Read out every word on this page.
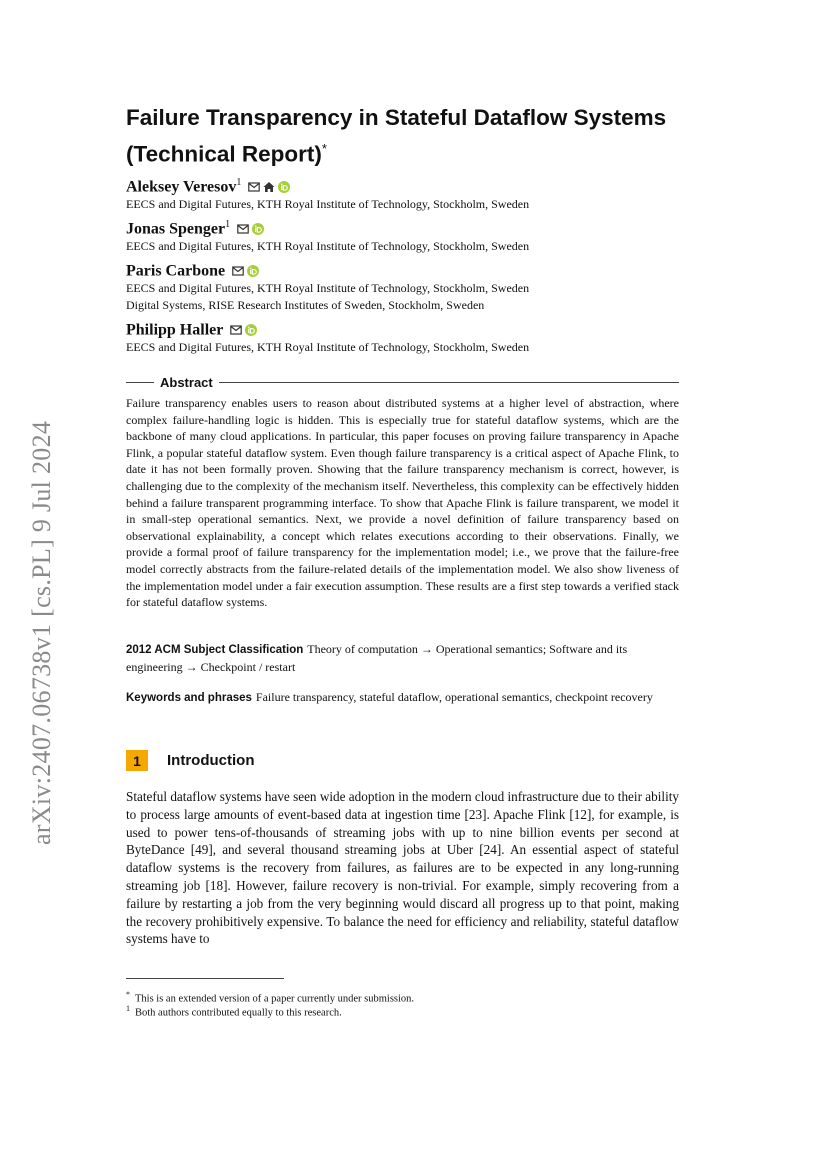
arXiv:2407.06738v1 [cs.PL] 9 Jul 2024
Failure Transparency in Stateful Dataflow Systems
(Technical Report)*
Aleksey Veresov$^1$
EECS and Digital Futures, KTH Royal Institute of Technology, Stockholm, Sweden
Jonas Spenger$^1$
EECS and Digital Futures, KTH Royal Institute of Technology, Stockholm, Sweden
Paris Carbone
EECS and Digital Futures, KTH Royal Institute of Technology, Stockholm, Sweden
Digital Systems, RISE Research Institutes of Sweden, Stockholm, Sweden
Philipp Haller
EECS and Digital Futures, KTH Royal Institute of Technology, Stockholm, Sweden
Abstract

Failure transparency enables users to reason about distributed systems at a higher level of abstraction, where complex failure-handling logic is hidden. This is especially true for stateful dataflow systems, which are the backbone of many cloud applications. In particular, this paper focuses on proving failure transparency in Apache Flink, a popular stateful dataflow system. Even though failure transparency is a critical aspect of Apache Flink, to date it has not been formally proven. Showing that the failure transparency mechanism is correct, however, is challenging due to the complexity of the mechanism itself. Nevertheless, this complexity can be effectively hidden behind a failure transparent programming interface. To show that Apache Flink is failure transparent, we model it in small-step operational semantics. Next, we provide a novel definition of failure transparency based on observational explainability, a concept which relates executions according to their observations. Finally, we provide a formal proof of failure transparency for the implementation model; i.e., we prove that the failure-free model correctly abstracts from the failure-related details of the implementation model. We also show liveness of the implementation model under a fair execution assumption. These results are a first step towards a verified stack for stateful dataflow systems.

2012 ACM Subject Classification Theory of computation → Operational semantics; Software and its engineering → Checkpoint / restart

Keywords and phrases Failure transparency, stateful dataflow, operational semantics, checkpoint recovery

1	Introduction

Stateful dataflow systems have seen wide adoption in the modern cloud infrastructure due to their ability to process large amounts of event-based data at ingestion time [23]. Apache Flink [12], for example, is used to power tens-of-thousands of streaming jobs with up to nine billion events per second at ByteDance [49], and several thousand streaming jobs at Uber [24]. An essential aspect of stateful dataflow systems is the recovery from failures, as failures are to be expected in any long-running streaming job [18]. However, failure recovery is non-trivial. For example, simply recovering from a failure by restarting a job from the very beginning would discard all progress up to that point, making the recovery prohibitively expensive. To balance the need for efficiency and reliability, stateful dataflow systems have to

* This is an extended version of a paper currently under submission.
$^1$ Both authors contributed equally to this research.
